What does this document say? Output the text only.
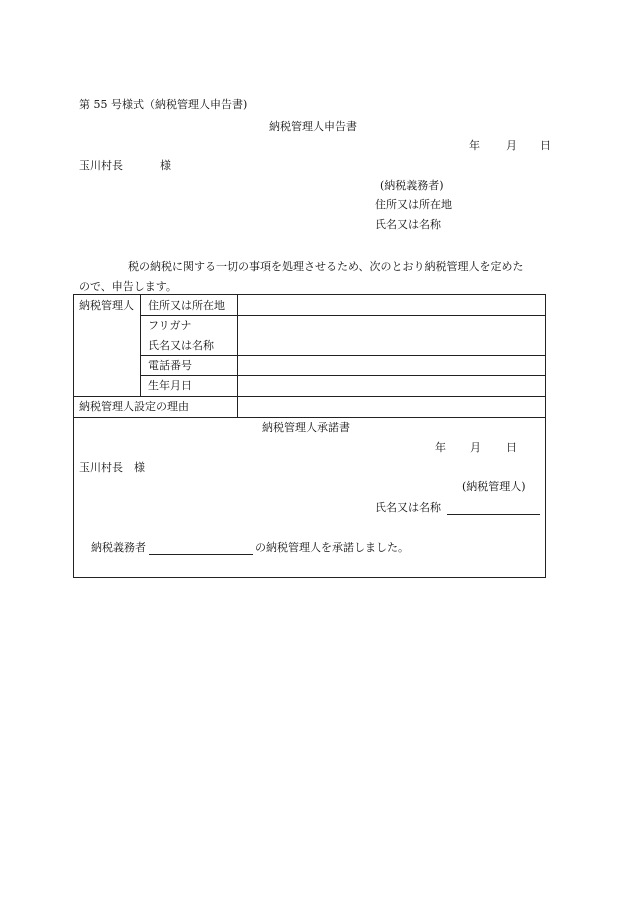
第 55 号様式（納税管理人申告書)
納税管理人申告書
年 月 日
玉川村長	様
(納税義務者)
住所又は所在地
氏名又は名称
税の納税に関する一切の事項を処理させるため、次のとおり納税管理人を定めた
ので、申告します。
納税管理人 住所又は所在地
フリガナ
氏名又は名称
電話番号
生年月日
納税管理人設定の理由
納税管理人承諾書
年 月 日
玉川村長　様
(納税管理人)
氏名又は名称
納税義務者	の納税管理人を承諾しました。
